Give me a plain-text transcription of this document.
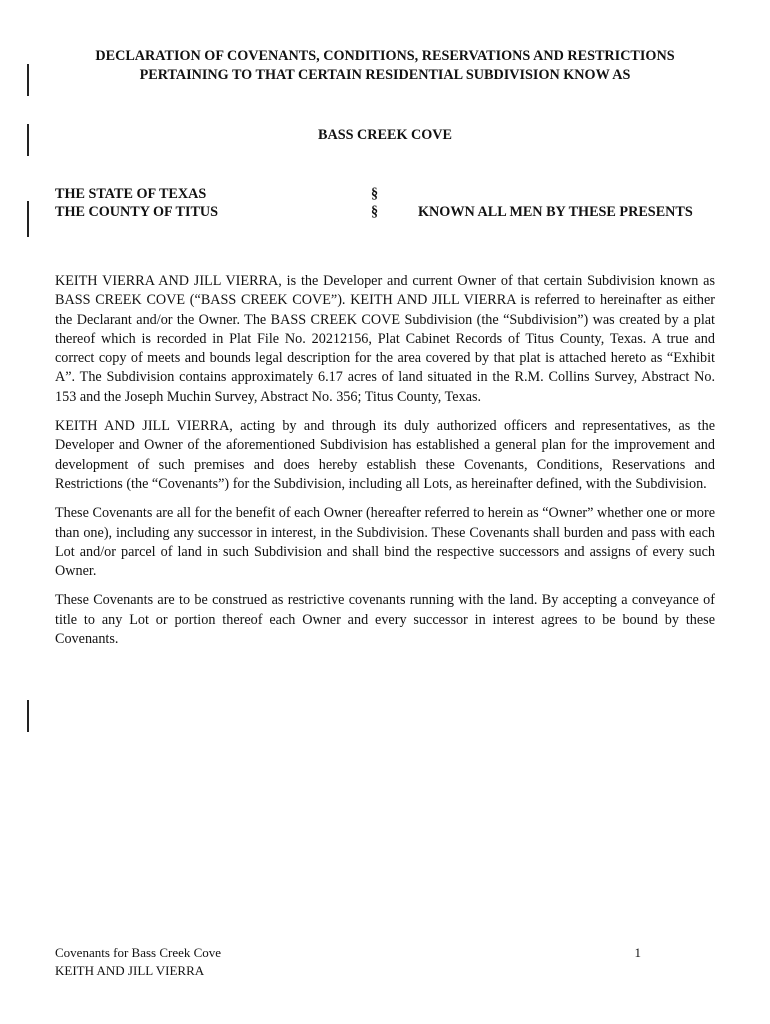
DECLARATION OF COVENANTS, CONDITIONS, RESERVATIONS AND RESTRICTIONS
PERTAINING TO THAT CERTAIN RESIDENTIAL SUBDIVISION KNOW AS
BASS CREEK COVE
THE STATE OF TEXAS	§
THE COUNTY OF TITUS	§	KNOWN ALL MEN BY THESE PRESENTS

KEITH VIERRA AND JILL VIERRA, is the Developer and current Owner of that certain Subdivision known as BASS CREEK COVE (“BASS CREEK COVE”). KEITH AND JILL VIERRA is referred to hereinafter as either the Declarant and/or the Owner. The BASS CREEK COVE Subdivision (the “Subdivision”) was created by a plat thereof which is recorded in Plat File No. 20212156, Plat Cabinet Records of Titus County, Texas. A true and correct copy of meets and bounds legal description for the area covered by that plat is attached hereto as “Exhibit A”. The Subdivision contains approximately 6.17 acres of land situated in the R.M. Collins Survey, Abstract No. 153 and the Joseph Muchin Survey, Abstract No. 356; Titus County, Texas.

KEITH AND JILL VIERRA, acting by and through its duly authorized officers and representatives, as the Developer and Owner of the aforementioned Subdivision has established a general plan for the improvement and development of such premises and does hereby establish these Covenants, Conditions, Reservations and Restrictions (the “Covenants”) for the Subdivision, including all Lots, as hereinafter defined, with the Subdivision.

These Covenants are all for the benefit of each Owner (hereafter referred to herein as “Owner” whether one or more than one), including any successor in interest, in the Subdivision. These Covenants shall burden and pass with each Lot and/or parcel of land in such Subdivision and shall bind the respective successors and assigns of every such Owner.

These Covenants are to be construed as restrictive covenants running with the land. By accepting a conveyance of title to any Lot or portion thereof each Owner and every successor in interest agrees to be bound by these Covenants.

Covenants for Bass Creek Cove
KEITH AND JILL VIERRA
1
